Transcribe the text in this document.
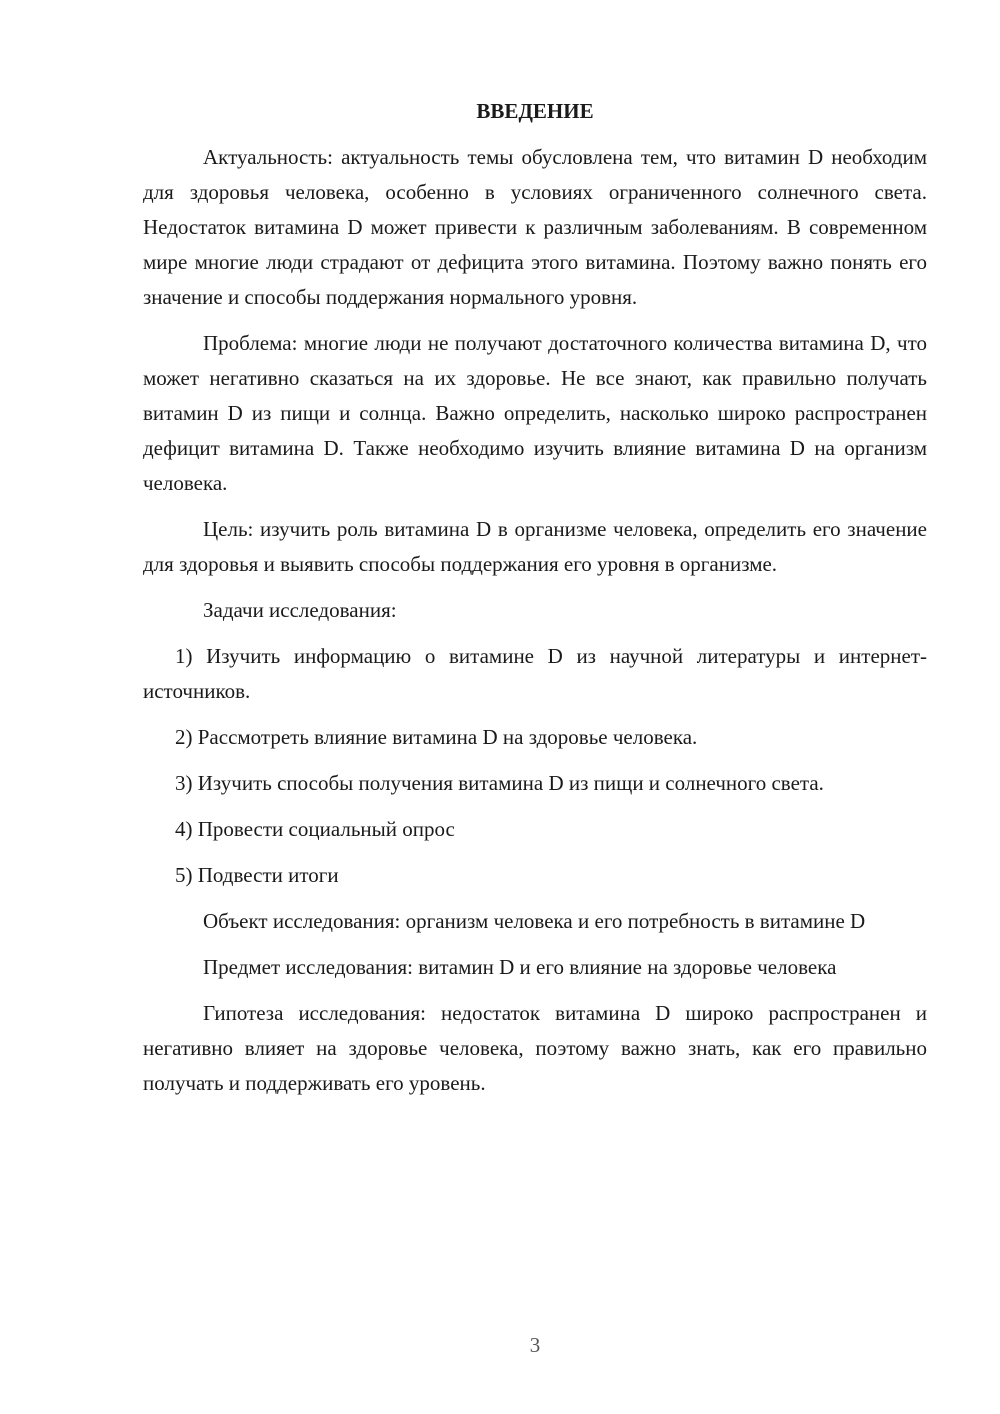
ВВЕДЕНИЕ

Актуальность: актуальность темы обусловлена тем, что витамин D необходим для здоровья человека, особенно в условиях ограниченного солнечного света. Недостаток витамина D может привести к различным заболеваниям. В современном мире многие люди страдают от дефицита этого витамина. Поэтому важно понять его значение и способы поддержания нормального уровня.

Проблема: многие люди не получают достаточного количества витамина D, что может негативно сказаться на их здоровье. Не все знают, как правильно получать витамин D из пищи и солнца. Важно определить, насколько широко распространен дефицит витамина D. Также необходимо изучить влияние витамина D на организм человека.

Цель: изучить роль витамина D в организме человека, определить его значение для здоровья и выявить способы поддержания его уровня в организме.

Задачи исследования:

1) Изучить информацию о витамине D из научной литературы и интернет-источников.

2) Рассмотреть влияние витамина D на здоровье человека.

3) Изучить способы получения витамина D из пищи и солнечного света.

4) Провести социальный опрос

5) Подвести итоги

Объект исследования: организм человека и его потребность в витамине D

Предмет исследования: витамин D и его влияние на здоровье человека

Гипотеза исследования: недостаток витамина D широко распространен и негативно влияет на здоровье человека, поэтому важно знать, как его правильно получать и поддерживать его уровень.

3
